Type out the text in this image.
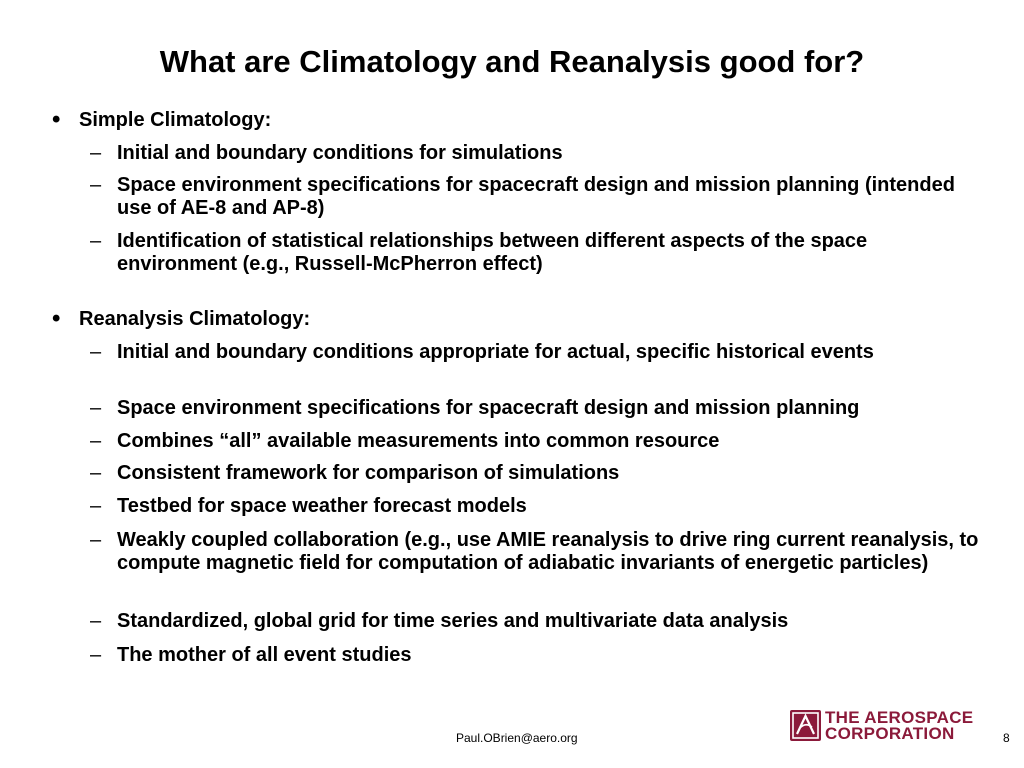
What are Climatology and Reanalysis good for?
• Simple Climatology:
– Initial and boundary conditions for simulations
– Space environment specifications for spacecraft design and mission planning (intended use of AE-8 and AP-8)
– Identification of statistical relationships between different aspects of the space environment (e.g., Russell-McPherron effect)
• Reanalysis Climatology:
– Initial and boundary conditions appropriate for actual, specific historical events
– Space environment specifications for spacecraft design and mission planning
– Combines “all” available measurements into common resource
– Consistent framework for comparison of simulations
– Testbed for space weather forecast models
– Weakly coupled collaboration (e.g., use AMIE reanalysis to drive ring current reanalysis, to compute magnetic field for computation of adiabatic invariants of energetic particles)
– Standardized, global grid for time series and multivariate data analysis
– The mother of all event studies
Paul.OBrien@aero.org
THE AEROSPACE
CORPORATION	8
